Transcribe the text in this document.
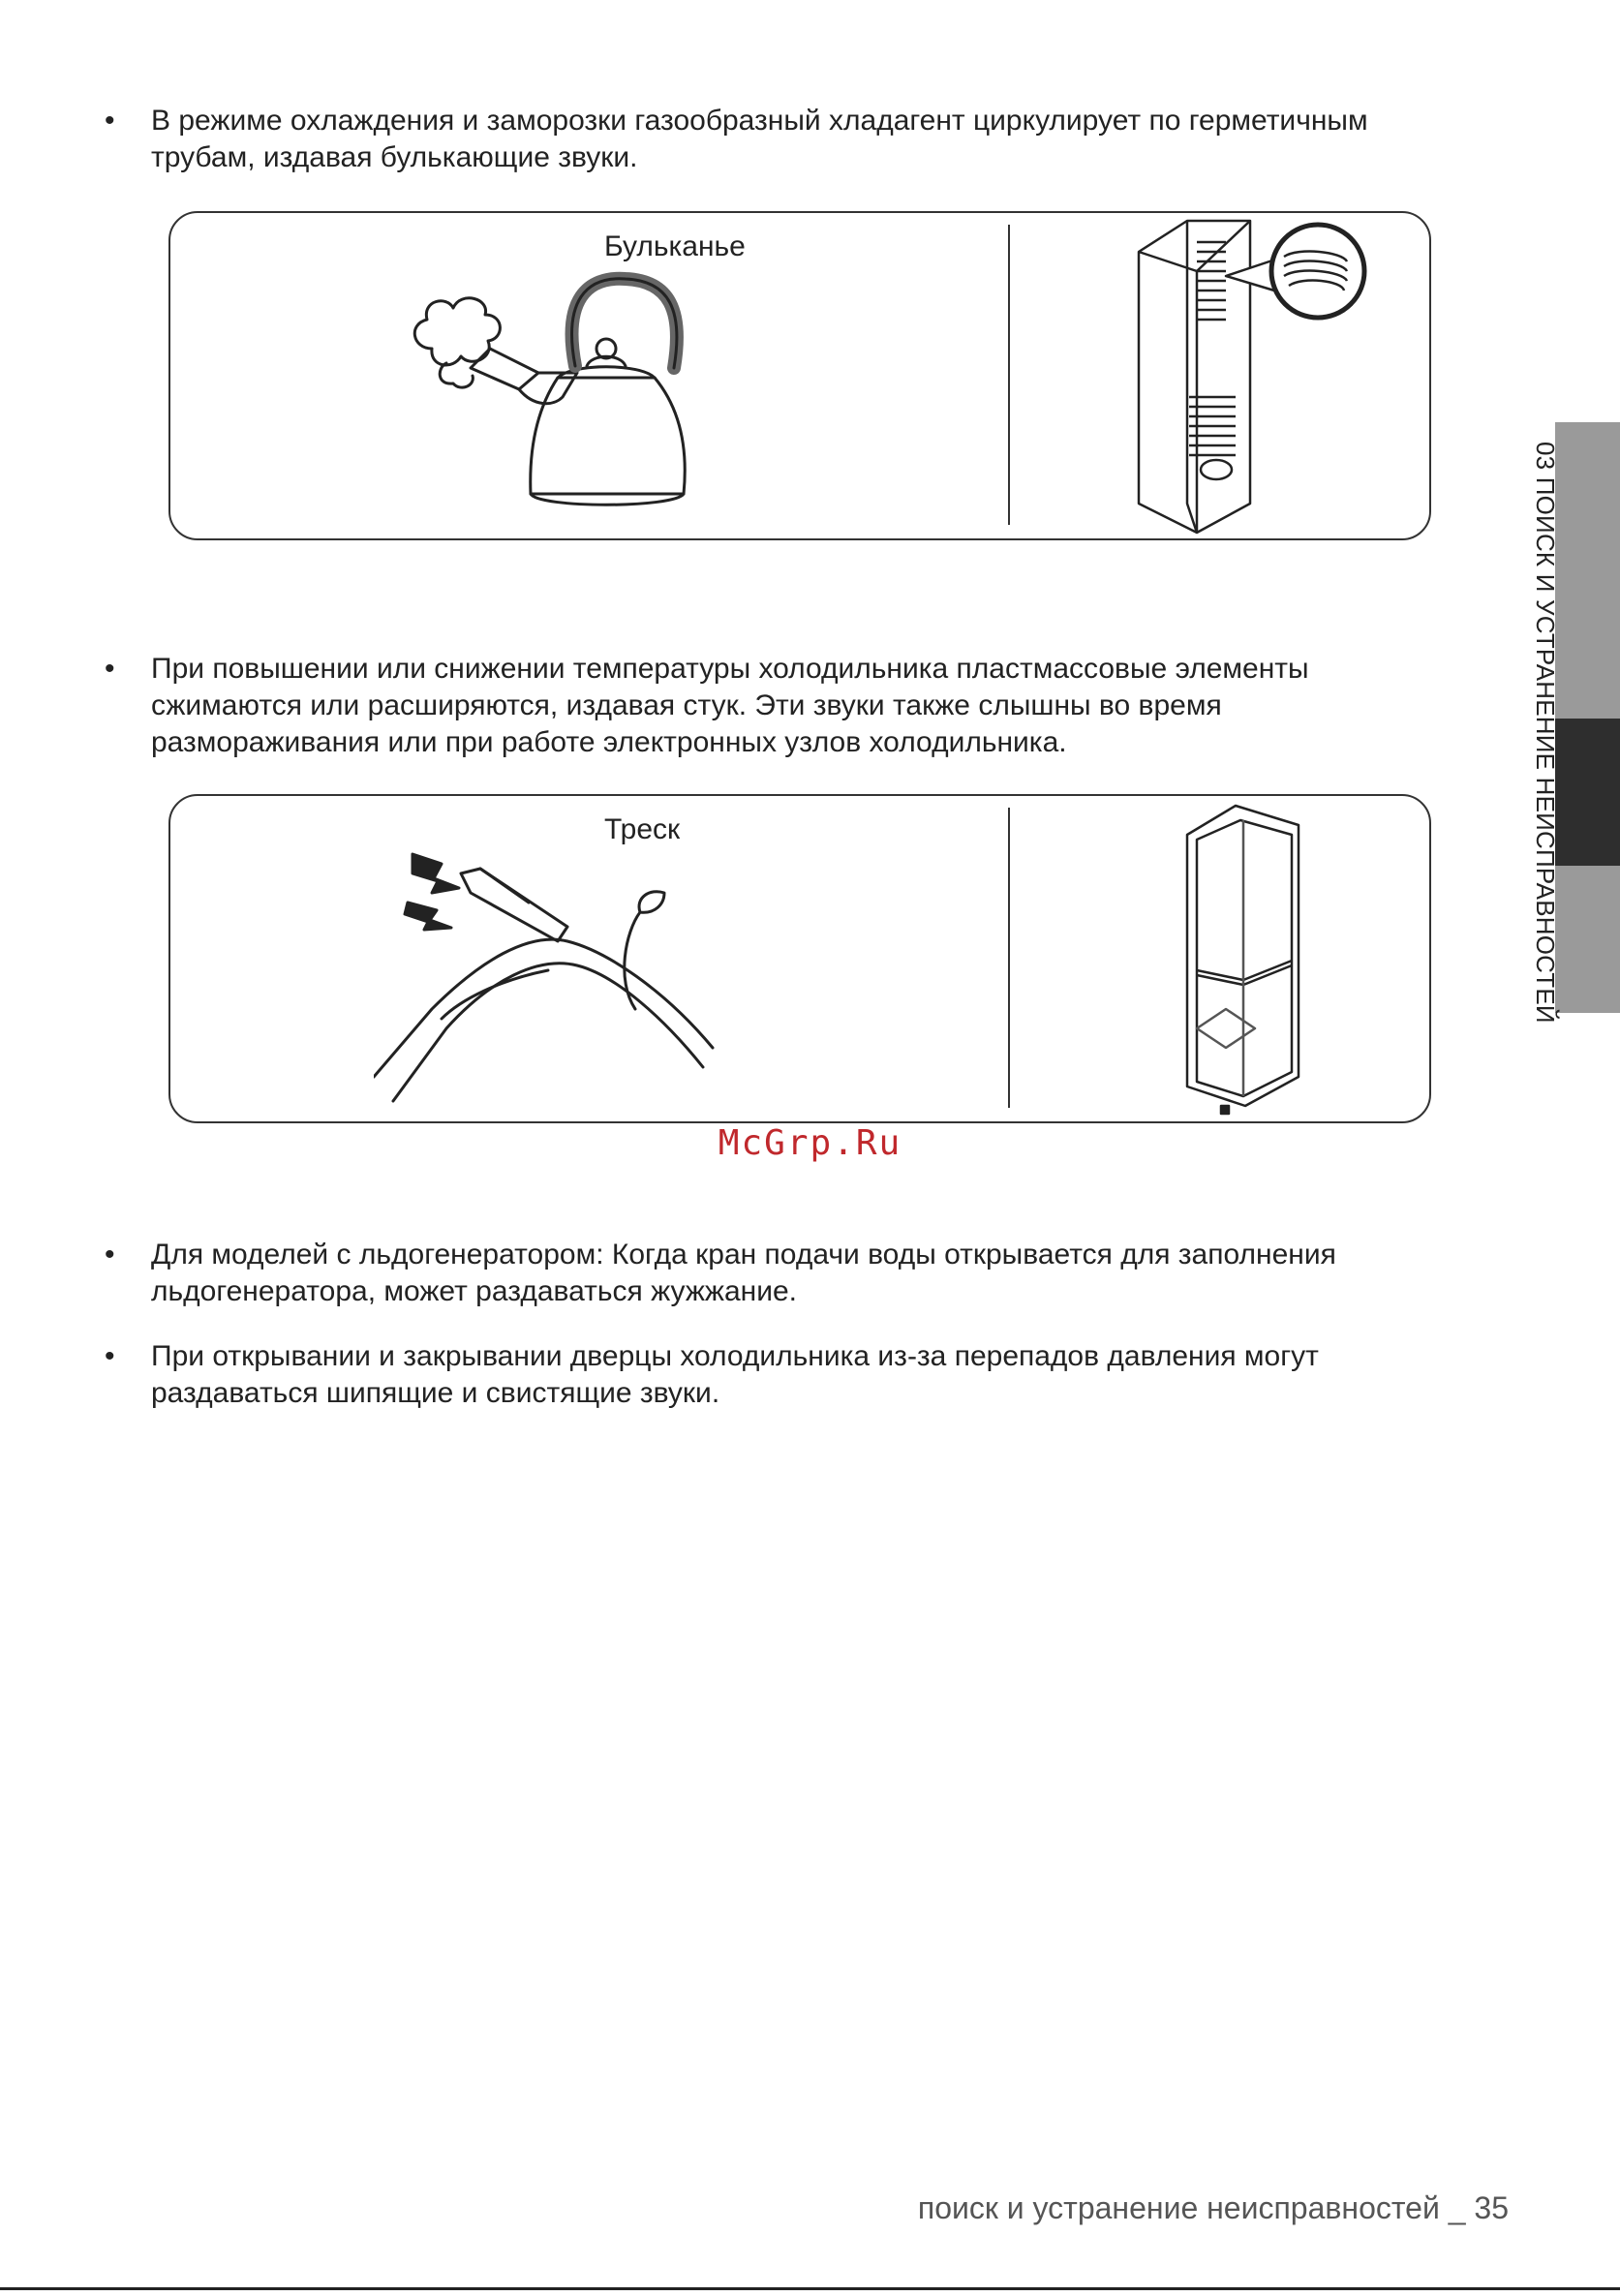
• В режиме охлаждения и заморозки газообразный хладагент циркулирует по герметичным
трубам, издавая булькающие звуки.
Бульканье
• При повышении или снижении температуры холодильника пластмассовые элементы
сжимаются или расширяются, издавая стук. Эти звуки также слышны во время
размораживания или при работе электронных узлов холодильника.
Треск
McGrp.Ru
• Для моделей с льдогенератором: Когда кран подачи воды открывается для заполнения
льдогенератора, может раздаваться жужжание.
• При открывании и закрывании дверцы холодильника из-за перепадов давления могут
раздаваться шипящие и свистящие звуки.
03 ПОИСК И УСТРАНЕНИЕ НЕИСПРАВНОСТЕЙ
поиск и устранение неисправностей _ 35
